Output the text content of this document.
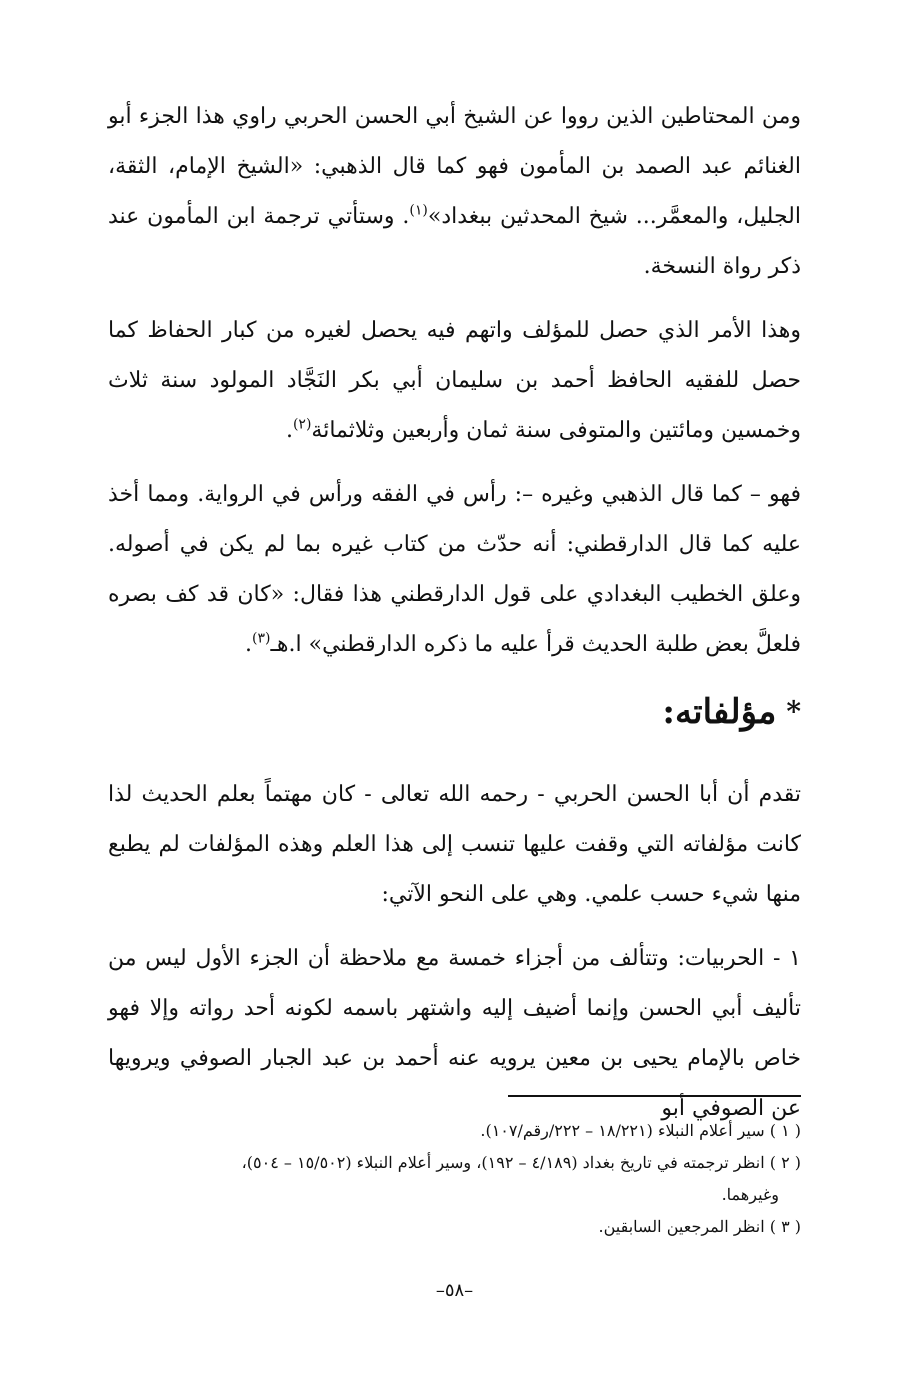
ومن المحتاطين الذين رووا عن الشيخ أبي الحسن الحربي راوي هذا الجزء أبو الغنائم عبد الصمد بن المأمون فهو كما قال الذهبي: «الشيخ الإمام، الثقة، الجليل، والمعمَّر... شيخ المحدثين ببغداد»$^{(١)}$. وستأتي ترجمة ابن المأمون عند ذكر رواة النسخة.

وهذا الأمر الذي حصل للمؤلف واتهم فيه يحصل لغيره من كبار الحفاظ كما حصل للفقيه الحافظ أحمد بن سليمان أبي بكر النَجَّاد المولود سنة ثلاث وخمسين ومائتين والمتوفى سنة ثمان وأربعين وثلاثمائة$^{(٢)}$.

فهو – كما قال الذهبي وغيره –: رأس في الفقه ورأس في الرواية. ومما أخذ عليه كما قال الدارقطني: أنه حدّث من كتاب غيره بما لم يكن في أصوله. وعلق الخطيب البغدادي على قول الدارقطني هذا فقال: «كان قد كف بصره فلعلَّ بعض طلبة الحديث قرأ عليه ما ذكره الدارقطني» ا.هـ$^{(٣)}$.

*
مؤلفاته:

تقدم أن أبا الحسن الحربي - رحمه الله تعالى - كان مهتماً بعلم الحديث لذا كانت مؤلفاته التي وقفت عليها تنسب إلى هذا العلم وهذه المؤلفات لم يطبع منها شيء حسب علمي. وهي على النحو الآتي:

١ - الحربيات: وتتألف من أجزاء خمسة مع ملاحظة أن الجزء الأول ليس من تأليف أبي الحسن وإنما أضيف إليه واشتهر باسمه لكونه أحد رواته وإلا فهو خاص بالإمام يحيى بن معين يرويه عنه أحمد بن عبد الجبار الصوفي ويرويها عن الصوفي أبو

( ١ ) سير أعلام النبلاء (١٨/٢٢١ – ٢٢٢/رقم/١٠٧).

( ٢ ) انظر ترجمته في تاريخ بغداد (٤/١٨٩ – ١٩٢)، وسير أعلام النبلاء (١٥/٥٠٢ – ٥٠٤)،

وغيرهما.

( ٣ ) انظر المرجعين السابقين.

–٥٨–
